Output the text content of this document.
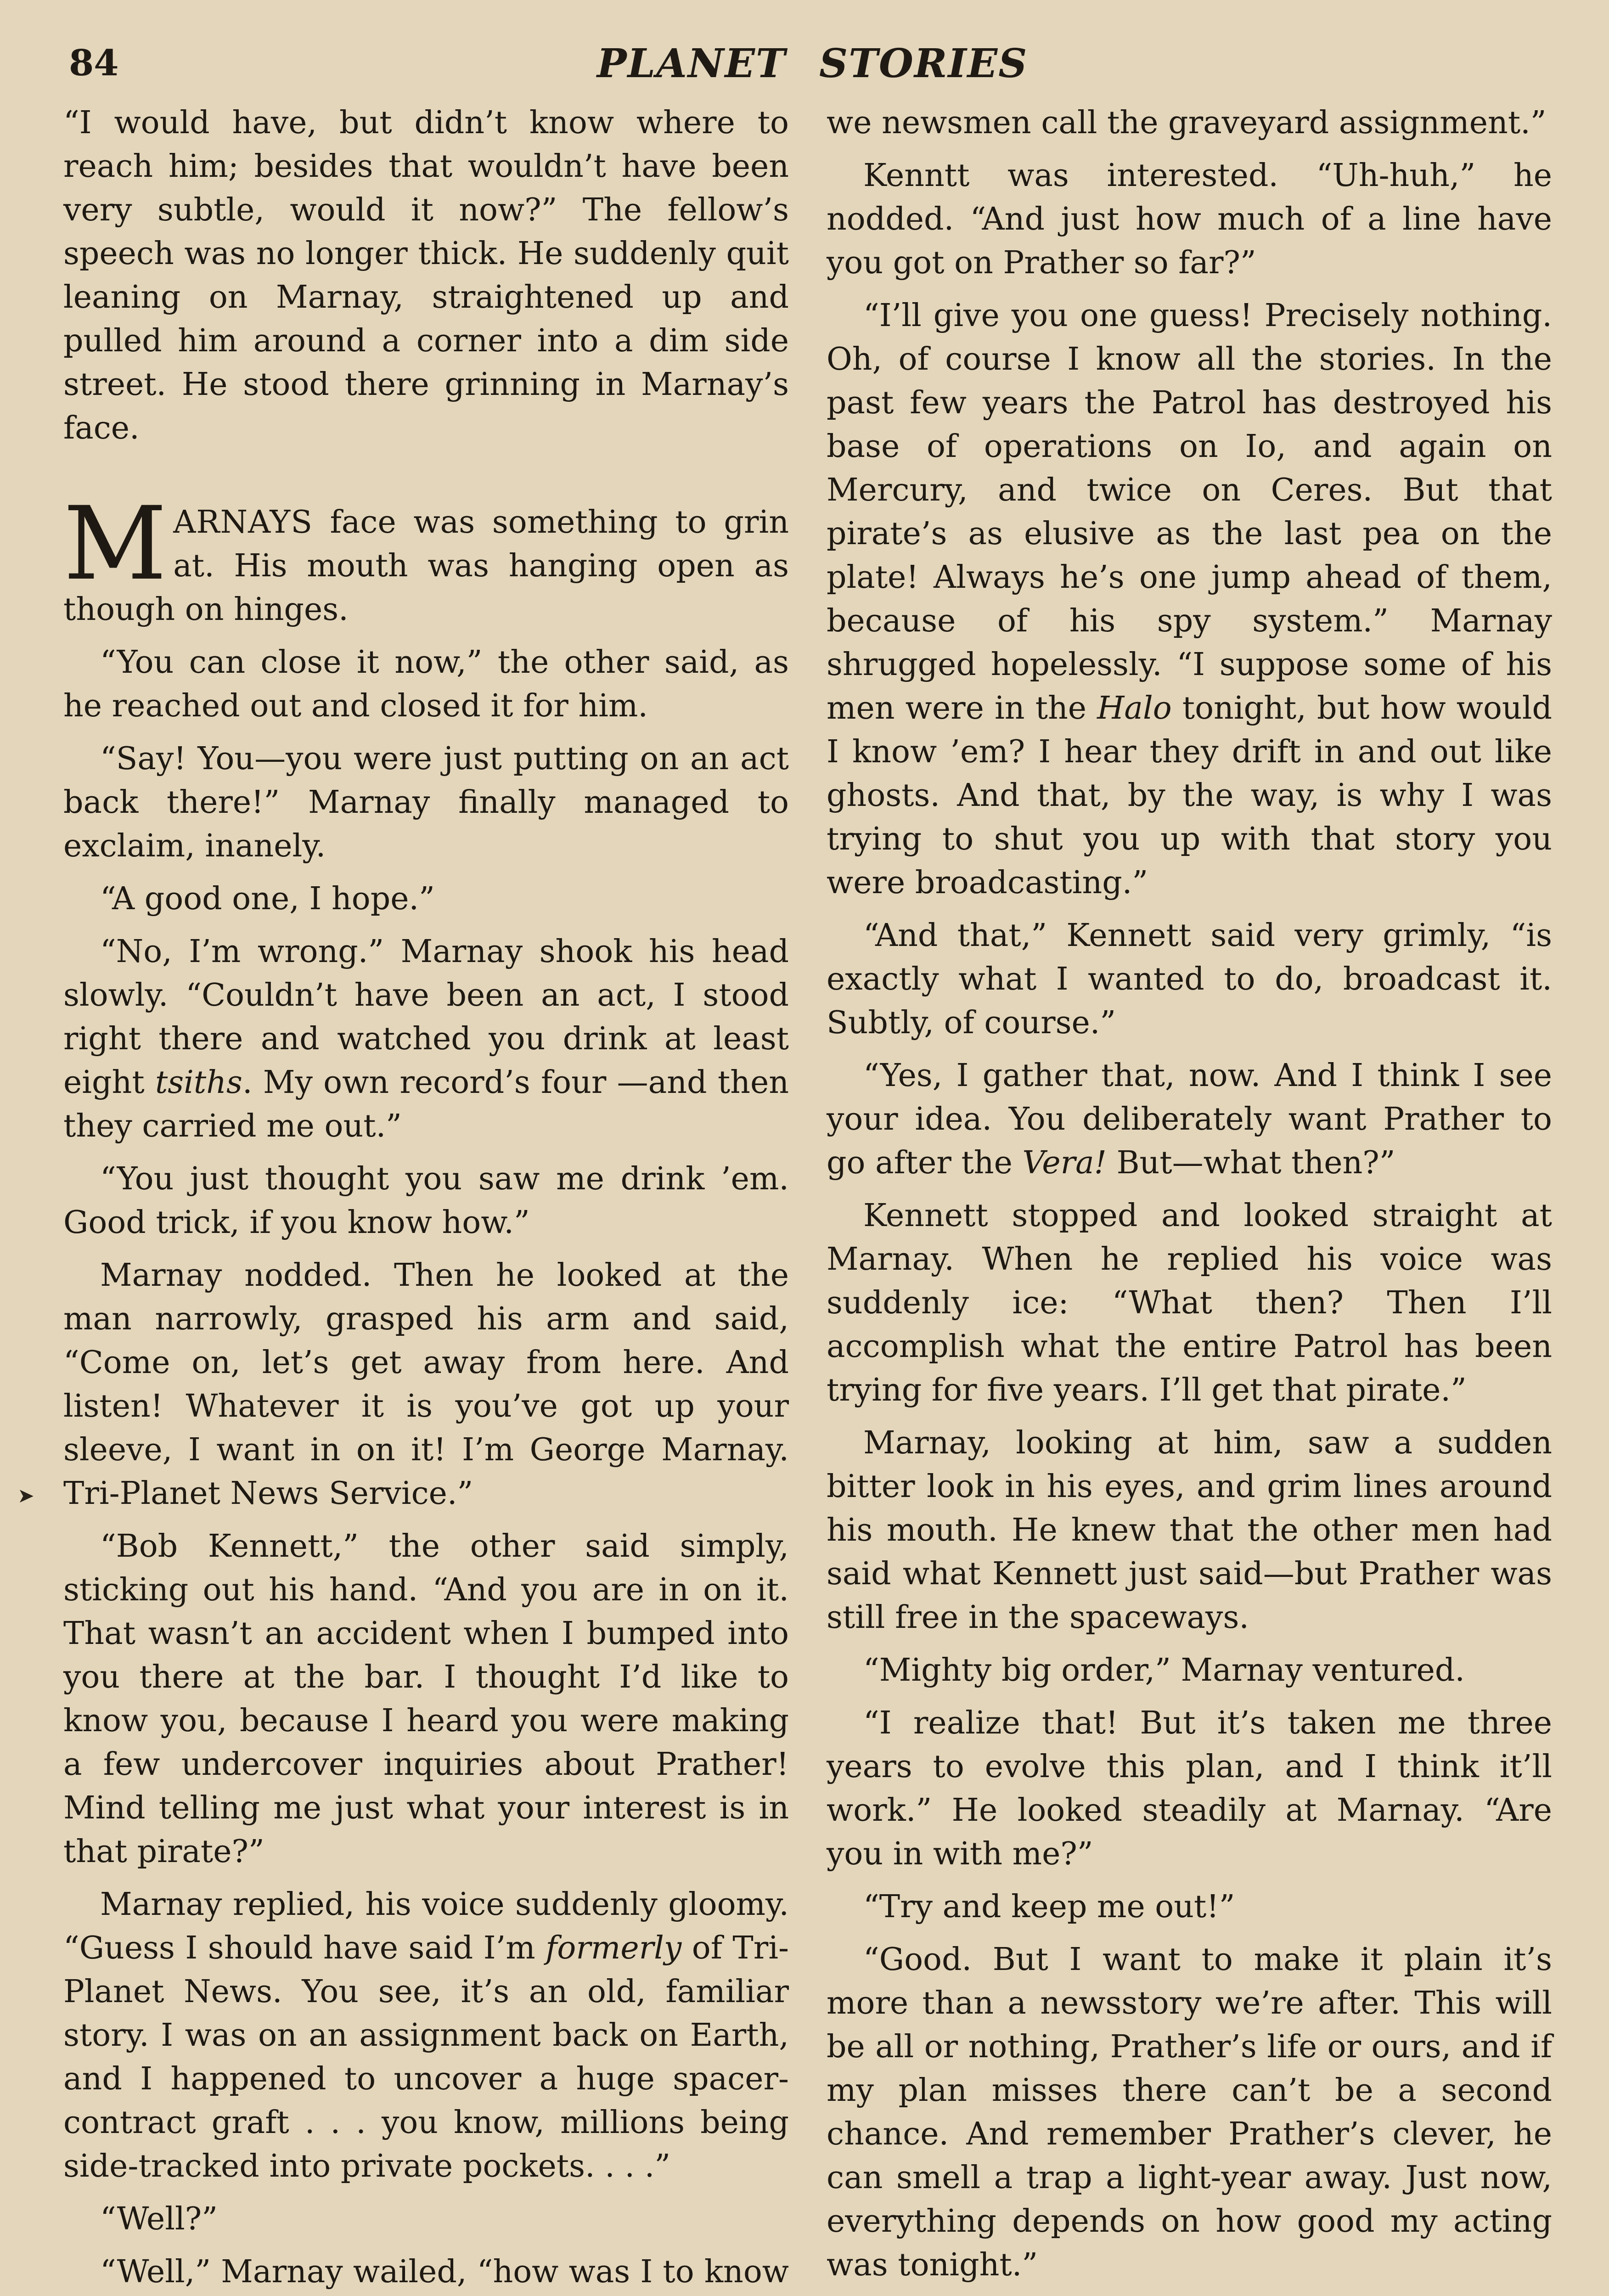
84	PLANET STORIES

“I would have, but didn’t know where to reach him; besides that wouldn’t have been very subtle, would it now?” The fellow’s speech was no longer thick. He suddenly quit leaning on Marnay, straightened up and pulled him around a corner into a dim side street. He stood there grinning in Marnay’s face.

MARNAYS face was something to grin at. His mouth was hanging open as though on hinges.

“You can close it now,” the other said, as he reached out and closed it for him.

“Say! You—you were just putting on an act back there!” Marnay finally managed to exclaim, inanely.

“A good one, I hope.”

“No, I’m wrong.” Marnay shook his head slowly. “Couldn’t have been an act, I stood right there and watched you drink at least eight tsiths. My own record’s four —and then they carried me out.”

“You just thought you saw me drink ’em. Good trick, if you know how.”

Marnay nodded. Then he looked at the man narrowly, grasped his arm and said, “Come on, let’s get away from here. And listen! Whatever it is you’ve got up your sleeve, I want in on it! I’m George Marnay. Tri-Planet News Service.”

“Bob Kennett,” the other said simply, sticking out his hand. “And you are in on it. That wasn’t an accident when I bumped into you there at the bar. I thought I’d like to know you, because I heard you were making a few undercover inquiries about Prather! Mind telling me just what your interest is in that pirate?”

Marnay replied, his voice suddenly gloomy. “Guess I should have said I’m formerly of Tri-Planet News. You see, it’s an old, familiar story. I was on an assignment back on Earth, and I happened to uncover a huge spacer-contract graft . . . you know, millions being side-tracked into private pockets. . . .”

“Well?”

“Well,” Marnay wailed, “how was I to know

➤

we newsmen call the graveyard assignment.”

Kenntt was interested. “Uh-huh,” he nodded. “And just how much of a line have you got on Prather so far?”

“I’ll give you one guess! Precisely nothing. Oh, of course I know all the stories. In the past few years the Patrol has destroyed his base of operations on Io, and again on Mercury, and twice on Ceres. But that pirate’s as elusive as the last pea on the plate! Always he’s one jump ahead of them, because of his spy system.” Marnay shrugged hopelessly. “I suppose some of his men were in the Halo tonight, but how would I know ’em? I hear they drift in and out like ghosts. And that, by the way, is why I was trying to shut you up with that story you were broadcasting.”

“And that,” Kennett said very grimly, “is exactly what I wanted to do, broadcast it. Subtly, of course.”

“Yes, I gather that, now. And I think I see your idea. You deliberately want Prather to go after the Vera! But—what then?”

Kennett stopped and looked straight at Marnay. When he replied his voice was suddenly ice: “What then? Then I’ll accomplish what the entire Patrol has been trying for five years. I’ll get that pirate.”

Marnay, looking at him, saw a sudden bitter look in his eyes, and grim lines around his mouth. He knew that the other men had said what Kennett just said—but Prather was still free in the spaceways.

“Mighty big order,” Marnay ventured.

“I realize that! But it’s taken me three years to evolve this plan, and I think it’ll work.” He looked steadily at Marnay. “Are you in with me?”

“Try and keep me out!”

“Good. But I want to make it plain it’s more than a newsstory we’re after. This will be all or nothing, Prather’s life or ours, and if my plan misses there can’t be a second chance. And remember Prather’s clever, he can smell a trap a light-year away. Just now, everything depends on how good my acting was tonight.”
